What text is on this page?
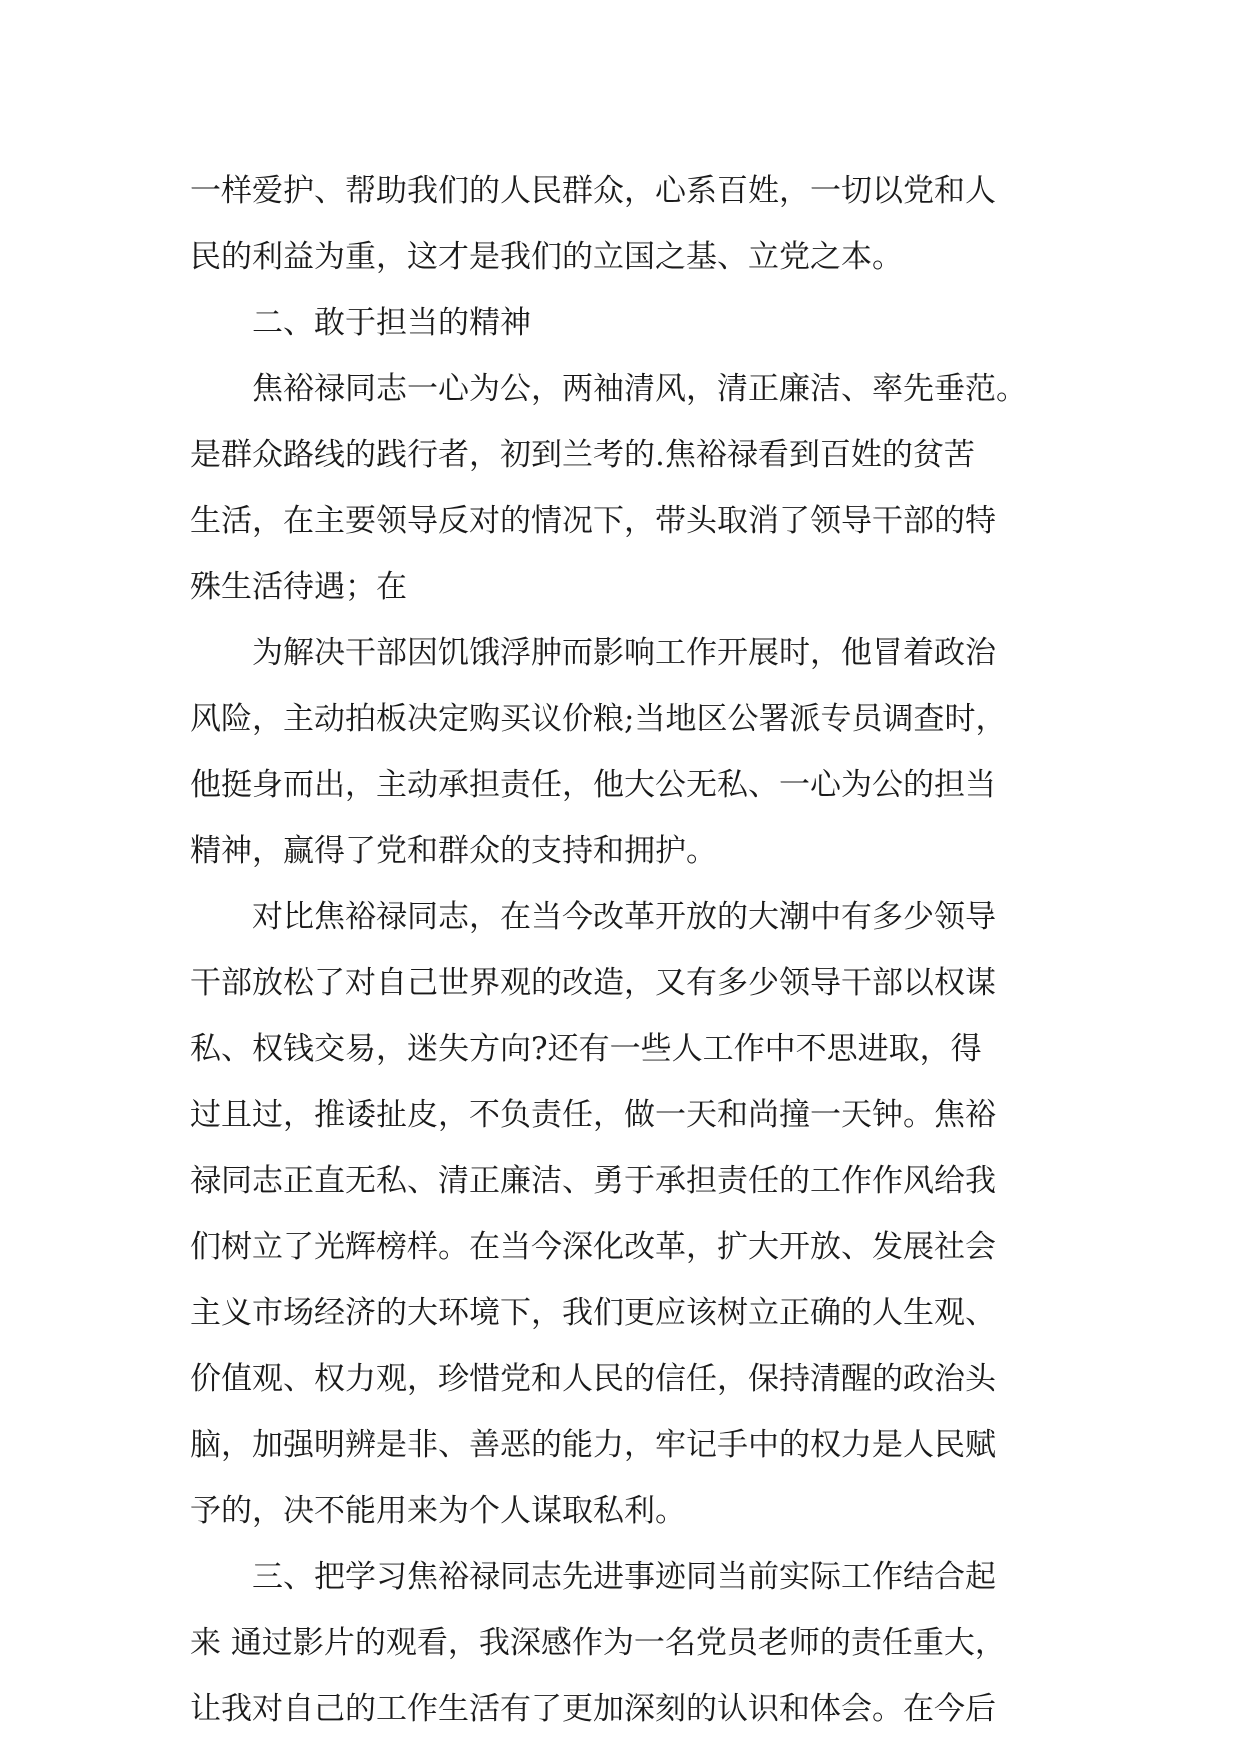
一样爱护、帮助我们的人民群众，心系百姓，一切以党和人
民的利益为重，这才是我们的立国之基、立党之本。
二、敢于担当的精神
焦裕禄同志一心为公，两袖清风，清正廉洁、率先垂范。
是群众路线的践行者，初到兰考的.焦裕禄看到百姓的贫苦
生活，在主要领导反对的情况下，带头取消了领导干部的特
殊生活待遇；在
为解决干部因饥饿浮肿而影响工作开展时，他冒着政治
风险，主动拍板决定购买议价粮;当地区公署派专员调查时，
他挺身而出，主动承担责任，他大公无私、一心为公的担当
精神，赢得了党和群众的支持和拥护。
对比焦裕禄同志，在当今改革开放的大潮中有多少领导
干部放松了对自己世界观的改造，又有多少领导干部以权谋
私、权钱交易，迷失方向?还有一些人工作中不思进取，得
过且过，推诿扯皮，不负责任，做一天和尚撞一天钟。焦裕
禄同志正直无私、清正廉洁、勇于承担责任的工作作风给我
们树立了光辉榜样。在当今深化改革，扩大开放、发展社会
主义市场经济的大环境下，我们更应该树立正确的人生观、
价值观、权力观，珍惜党和人民的信任，保持清醒的政治头
脑，加强明辨是非、善恶的能力，牢记手中的权力是人民赋
予的，决不能用来为个人谋取私利。
三、把学习焦裕禄同志先进事迹同当前实际工作结合起
来 通过影片的观看，我深感作为一名党员老师的责任重大，
让我对自己的工作生活有了更加深刻的认识和体会。在今后
